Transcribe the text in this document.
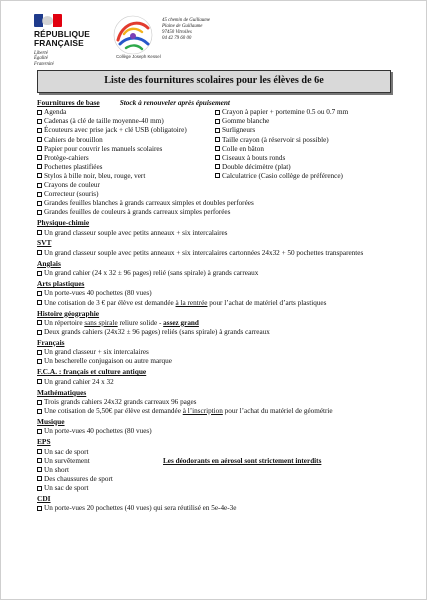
RÉPUBLIQUE
FRANÇAISE
Liberté
Égalité
Fraternité
Collège Joseph Kessel
45 chemin de Guillaume
Plaine de Guillaume
97450 Vitrolles
04 42 79 60 00
Liste des fournitures scolaires pour les élèves de 6e
Fournitures de base	Stock à renouveler après épuisement
Agenda
Cadenas (à clé de taille moyenne-40 mm)
Écouteurs avec prise jack + clé USB (obligatoire)
Cahiers de brouillon
Papier pour couvrir les manuels scolaires
Protège-cahiers
Pochettes plastifiées
Stylos à bille noir, bleu, rouge, vert
Crayons de couleur
Correcteur (souris)
Crayon à papier + portemine 0.5 ou 0.7 mm
Gomme blanche
Surligneurs
Taille crayon (à réservoir si possible)
Colle en bâton
Ciseaux à bouts ronds
Double décimètre (plat)
Calculatrice (Casio collège de préférence)
Grandes feuilles blanches à grands carreaux simples et doubles perforées
Grandes feuilles de couleurs à grands carreaux simples perforées
Physique-chimie
Un grand classeur souple avec petits anneaux + six intercalaires
SVT
Un grand classeur souple avec petits anneaux + six intercalaires cartonnées 24x32 + 50 pochettes transparentes
Anglais
Un grand cahier (24 x 32 ± 96 pages) relié (sans spirale) à grands carreaux
Arts plastiques
Un porte-vues 40 pochettes (80 vues)
Une cotisation de 3 € par élève est demandée à la rentrée pour l’achat de matériel d’arts plastiques
Histoire géographie
Un répertoire sans spirale reliure solide - assez grand
Deux grands cahiers (24x32 ± 96 pages) reliés (sans spirale) à grands carreaux
Français
Un grand classeur + six intercalaires
Un bescherelle conjugaison ou autre marque
F.C.A. : français et culture antique
Un grand cahier 24 x 32
Mathématiques
Trois grands cahiers 24x32 grands carreaux 96 pages
Une cotisation de 5,50€ par élève est demandée à l’inscription pour l’achat du matériel de géométrie
Musique
Un porte-vues 40 pochettes (80 vues)
EPS
Un sac de sport
Un survêtement
Un short
Des chaussures de sport
Un sac de sport
Les déodorants en aérosol sont strictement interdits
CDI
Un porte-vues 20 pochettes (40 vues) qui sera réutilisé en 5e-4e-3e
